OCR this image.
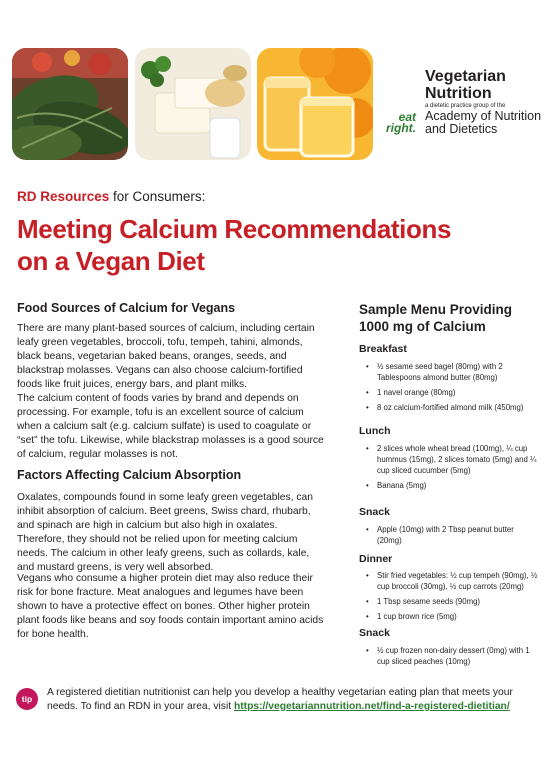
Vegetarian
Nutrition
a dietetic practice group of the
Academy of Nutrition
and Dietetics
eat
right.
RD Resources for Consumers:
Meeting Calcium Recommendations
on a Vegan Diet
Food Sources of Calcium for Vegans
There are many plant-based sources of calcium, including certain leafy green vegetables, broccoli, tofu, tempeh, tahini, almonds, black beans, vegetarian baked beans, oranges, seeds, and blackstrap molasses. Vegans can also choose calcium-fortified foods like fruit juices, energy bars, and plant milks.
The calcium content of foods varies by brand and depends on processing. For example, tofu is an excellent source of calcium when a calcium salt (e.g. calcium sulfate) is used to coagulate or “set” the tofu. Likewise, while blackstrap molasses is a good source of calcium, regular molasses is not.
Factors Affecting Calcium Absorption
Oxalates, compounds found in some leafy green vegetables, can inhibit absorption of calcium. Beet greens, Swiss chard, rhubarb, and spinach are high in calcium but also high in oxalates. Therefore, they should not be relied upon for meeting calcium needs. The calcium in other leafy greens, such as collards, kale, and mustard greens, is very well absorbed.
Vegans who consume a higher protein diet may also reduce their risk for bone fracture. Meat analogues and legumes have been shown to have a protective effect on bones. Other higher protein plant foods like beans and soy foods contain important amino acids for bone health.
Sample Menu Providing
1000 mg of Calcium
Breakfast
• ½ sesame seed bagel (80mg) with 2 Tablespoons almond butter (80mg)
• 1 navel orange (80mg)
• 8 oz calcium-fortified almond milk (450mg)
Lunch
• 2 slices whole wheat bread (100mg), ¼ cup hummus (15mg), 2 slices tomato (5mg) and ¼ cup sliced cucumber (5mg)
• Banana (5mg)
Snack
• Apple (10mg) with 2 Tbsp peanut butter (20mg)
Dinner
• Stir fried vegetables: ½ cup tempeh (90mg), ½ cup broccoli (30mg), ½ cup carrots (20mg)
• 1 Tbsp sesame seeds (90mg)
• 1 cup brown rice (5mg)
Snack
• ½ cup frozen non-dairy dessert (0mg) with 1 cup sliced peaches (10mg)
tip
A registered dietitian nutritionist can help you develop a healthy vegetarian eating plan that meets your needs. To find an RDN in your area, visit https://vegetariannutrition.net/find-a-registered-dietitian/
